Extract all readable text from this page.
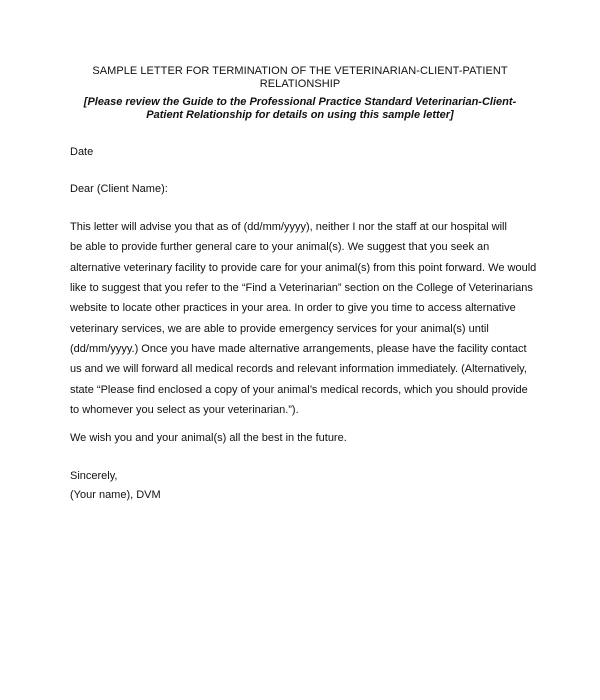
SAMPLE LETTER FOR TERMINATION OF THE VETERINARIAN-CLIENT-PATIENT
RELATIONSHIP
[Please review the Guide to the Professional Practice Standard Veterinarian-Client-
Patient Relationship for details on using this sample letter]
Date
Dear (Client Name):
This letter will advise you that as of (dd/mm/yyyy), neither I nor the staff at our hospital will
be able to provide further general care to your animal(s). We suggest that you seek an
alternative veterinary facility to provide care for your animal(s) from this point forward. We would
like to suggest that you refer to the “Find a Veterinarian” section on the College of Veterinarians
website to locate other practices in your area. In order to give you time to access alternative
veterinary services, we are able to provide emergency services for your animal(s) until
(dd/mm/yyyy.) Once you have made alternative arrangements, please have the facility contact
us and we will forward all medical records and relevant information immediately. (Alternatively,
state “Please find enclosed a copy of your animal’s medical records, which you should provide
to whomever you select as your veterinarian.”).
We wish you and your animal(s) all the best in the future.
Sincerely,
(Your name), DVM
